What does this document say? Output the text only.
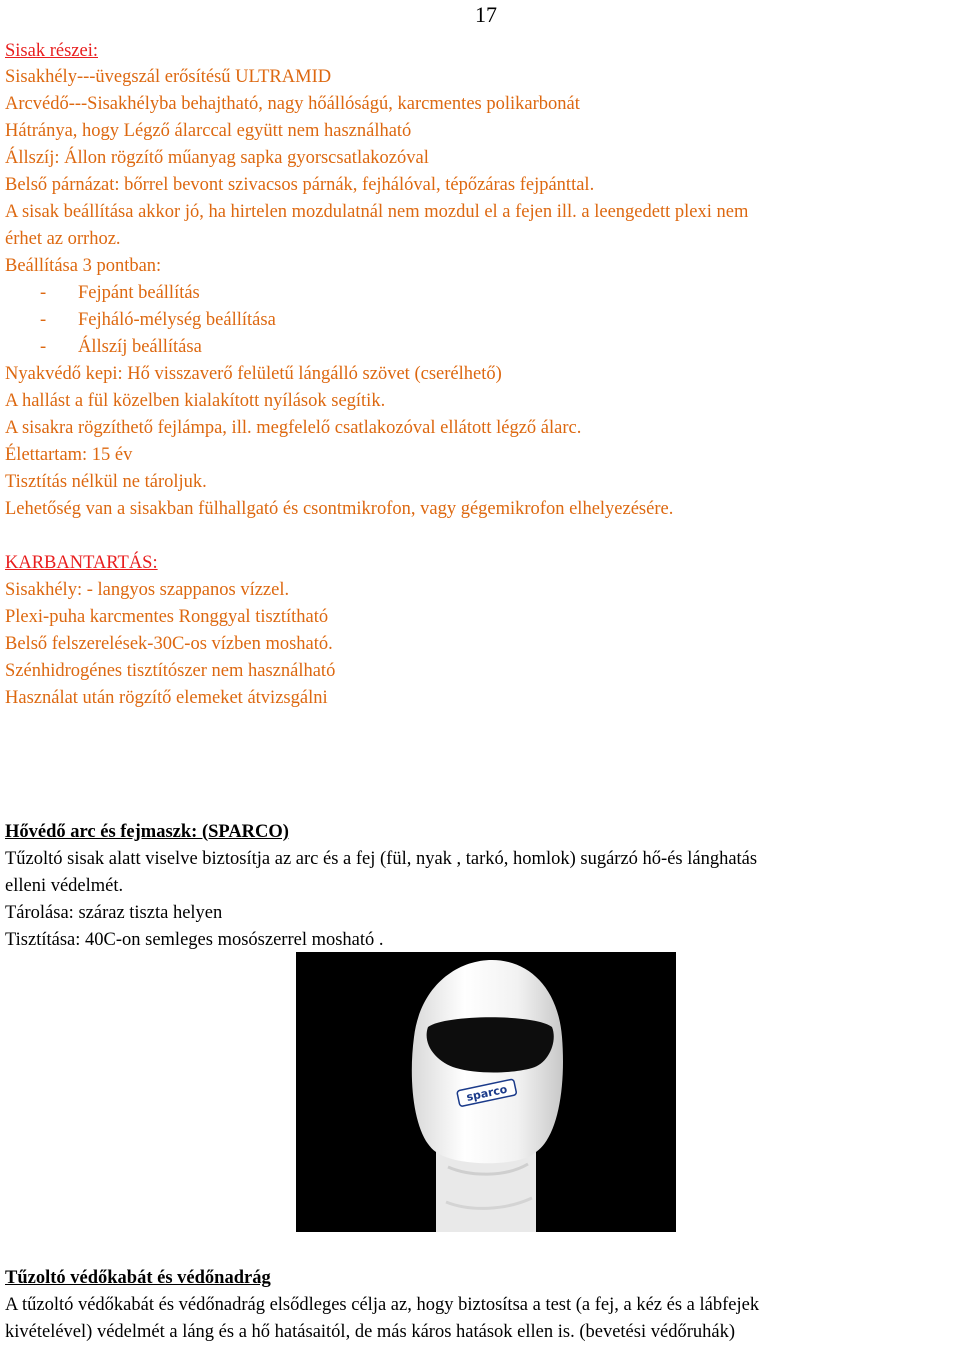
17
Sisak részei:
Sisakhély---üvegszál erősítésű ULTRAMID
Arcvédő---Sisakhélyba behajtható, nagy hőállóságú, karcmentes polikarbonát
Hátránya, hogy Légző álarccal együtt nem használható
Állszíj: Állon rögzítő műanyag sapka gyorscsatlakozóval
Belső párnázat: bőrrel bevont szivacsos párnák, fejhálóval, tépőzáras fejpánttal.
A sisak beállítása akkor jó, ha hirtelen mozdulatnál nem mozdul el a fejen ill. a leengedett plexi nem
érhet az orrhoz.
Beállítása 3 pontban:
- Fejpánt beállítás
- Fejháló-mélység beállítása
- Állszíj beállítása
Nyakvédő kepi: Hő visszaverő felületű lángálló szövet (cserélhető)
A hallást a fül közelben kialakított nyílások segítik.
A sisakra rögzíthető fejlámpa, ill. megfelelő csatlakozóval ellátott légző álarc.
Élettartam: 15 év
Tisztítás nélkül ne tároljuk.
Lehetőség van a sisakban fülhallgató és csontmikrofon, vagy gégemikrofon elhelyezésére.
KARBANTARTÁS:
Sisakhély: - langyos szappanos vízzel.
Plexi-puha karcmentes Ronggyal tisztítható
Belső felszerelések-30C-os vízben mosható.
Szénhidrogénes tisztítószer nem használható
Használat után rögzítő elemeket átvizsgálni
Hővédő arc és fejmaszk: (SPARCO)
Tűzoltó sisak alatt viselve biztosítja az arc és a fej (fül, nyak , tarkó, homlok) sugárzó hő-és lánghatás
elleni védelmét.
Tárolása: száraz tiszta helyen
Tisztítása: 40C-on semleges mosószerrel mosható .
sparco
Tűzoltó védőkabát és védőnadrág
A tűzoltó védőkabát és védőnadrág elsődleges célja az, hogy biztosítsa a test (a fej, a kéz és a lábfejek
kivételével) védelmét a láng és a hő hatásaitól, de más káros hatások ellen is. (bevetési védőruhák)
